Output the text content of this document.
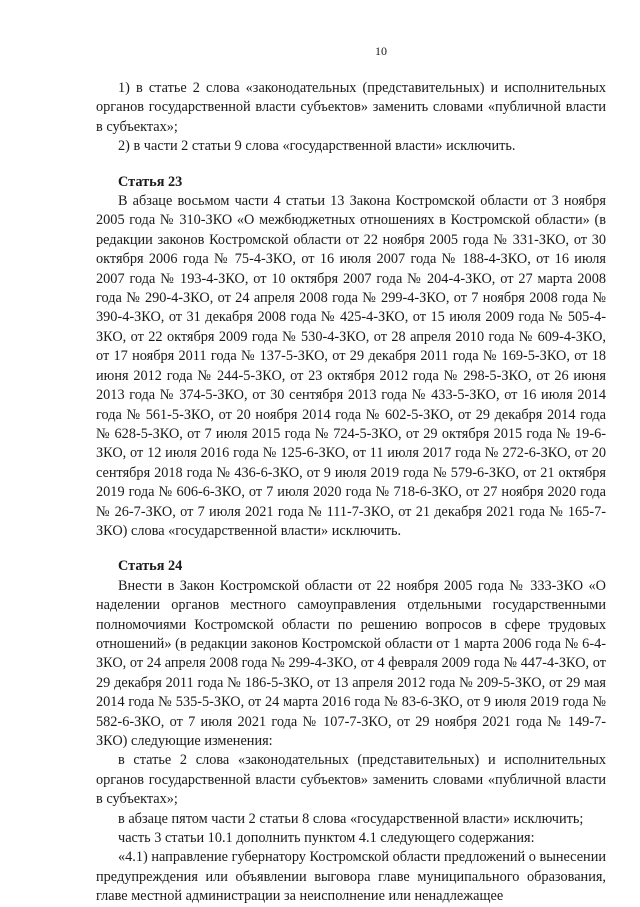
10

1) в статье 2 слова «законодательных (представительных) и исполнительных органов государственной власти субъектов» заменить словами «публичной власти в субъектах»;

2) в части 2 статьи 9 слова «государственной власти» исключить.

Статья 23

В абзаце восьмом части 4 статьи 13 Закона Костромской области от 3 ноября 2005 года № 310-ЗКО «О межбюджетных отношениях в Костромской области» (в редакции законов Костромской области от 22 ноября 2005 года № 331-ЗКО, от 30 октября 2006 года № 75-4-ЗКО, от 16 июля 2007 года № 188-4-ЗКО, от 16 июля 2007 года № 193-4-ЗКО, от 10 октября 2007 года № 204-4-ЗКО, от 27 марта 2008 года № 290-4-ЗКО, от 24 апреля 2008 года № 299-4-ЗКО, от 7 ноября 2008 года № 390-4-ЗКО, от 31 декабря 2008 года № 425-4-ЗКО, от 15 июля 2009 года № 505-4-ЗКО, от 22 октября 2009 года № 530-4-ЗКО, от 28 апреля 2010 года № 609-4-ЗКО, от 17 ноября 2011 года № 137-5-ЗКО, от 29 декабря 2011 года № 169-5-ЗКО, от 18 июня 2012 года № 244-5-ЗКО, от 23 октября 2012 года № 298-5-ЗКО, от 26 июня 2013 года № 374-5-ЗКО, от 30 сентября 2013 года № 433-5-ЗКО, от 16 июля 2014 года № 561-5-ЗКО, от 20 ноября 2014 года № 602-5-ЗКО, от 29 декабря 2014 года № 628-5-ЗКО, от 7 июля 2015 года № 724-5-ЗКО, от 29 октября 2015 года № 19-6-ЗКО, от 12 июля 2016 года № 125-6-ЗКО, от 11 июля 2017 года № 272-6-ЗКО, от 20 сентября 2018 года № 436-6-ЗКО, от 9 июля 2019 года № 579-6-ЗКО, от 21 октября 2019 года № 606-6-ЗКО, от 7 июля 2020 года № 718-6-ЗКО, от 27 ноября 2020 года № 26-7-ЗКО, от 7 июля 2021 года № 111-7-ЗКО, от 21 декабря 2021 года № 165-7-ЗКО) слова «государственной власти» исключить.

Статья 24

Внести в Закон Костромской области от 22 ноября 2005 года № 333-ЗКО «О наделении органов местного самоуправления отдельными государственными полномочиями Костромской области по решению вопросов в сфере трудовых отношений» (в редакции законов Костромской области от 1 марта 2006 года № 6-4-ЗКО, от 24 апреля 2008 года № 299-4-ЗКО, от 4 февраля 2009 года № 447-4-ЗКО, от 29 декабря 2011 года № 186-5-ЗКО, от 13 апреля 2012 года № 209-5-ЗКО, от 29 мая 2014 года № 535-5-ЗКО, от 24 марта 2016 года № 83-6-ЗКО, от 9 июля 2019 года № 582-6-ЗКО, от 7 июля 2021 года № 107-7-ЗКО, от 29 ноября 2021 года № 149-7-ЗКО) следующие изменения:

в статье 2 слова «законодательных (представительных) и исполнительных органов государственной власти субъектов» заменить словами «публичной власти в субъектах»;

в абзаце пятом части 2 статьи 8 слова «государственной власти» исключить;

часть 3 статьи 10.1 дополнить пунктом 4.1 следующего содержания:

«4.1) направление губернатору Костромской области предложений о вынесении предупреждения или объявлении выговора главе муниципального образования, главе местной администрации за неисполнение или ненадлежащее
